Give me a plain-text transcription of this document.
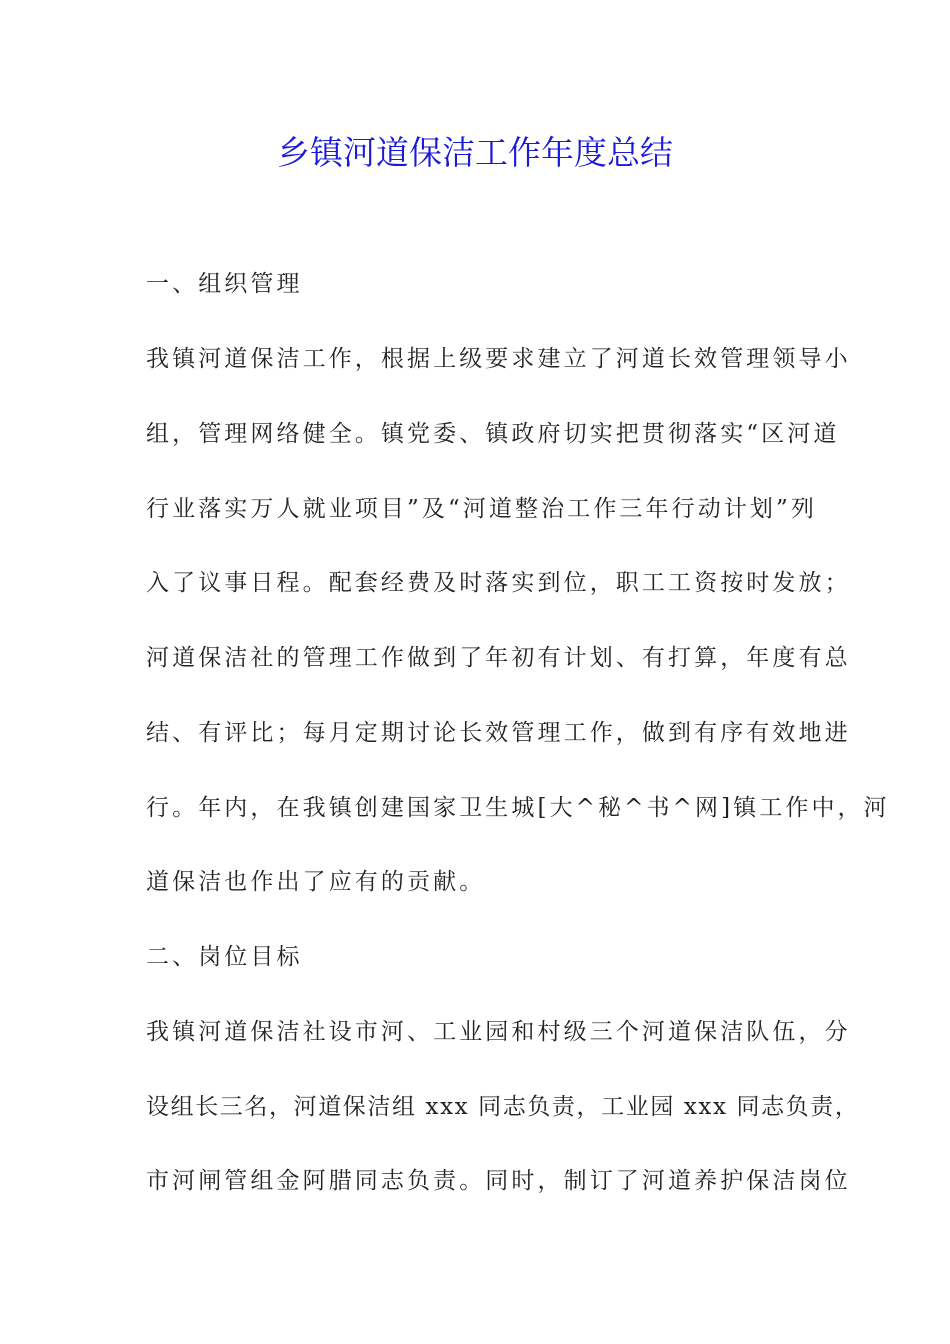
乡镇河道保洁工作年度总结
一、组织管理
我镇河道保洁工作，根据上级要求建立了河道长效管理领导小
组，管理网络健全。镇党委、镇政府切实把贯彻落实“区河道
行业落实万人就业项目”及“河道整治工作三年行动计划”列
入了议事日程。配套经费及时落实到位，职工工资按时发放；
河道保洁社的管理工作做到了年初有计划、有打算，年度有总
结、有评比；每月定期讨论长效管理工作，做到有序有效地进
行。年内，在我镇创建国家卫生城[大^秘^书^网]镇工作中，河
道保洁也作出了应有的贡献。
二、岗位目标
我镇河道保洁社设市河、工业园和村级三个河道保洁队伍，分
设组长三名，河道保洁组 xxx 同志负责，工业园 xxx 同志负责，
市河闸管组金阿腊同志负责。同时，制订了河道养护保洁岗位
